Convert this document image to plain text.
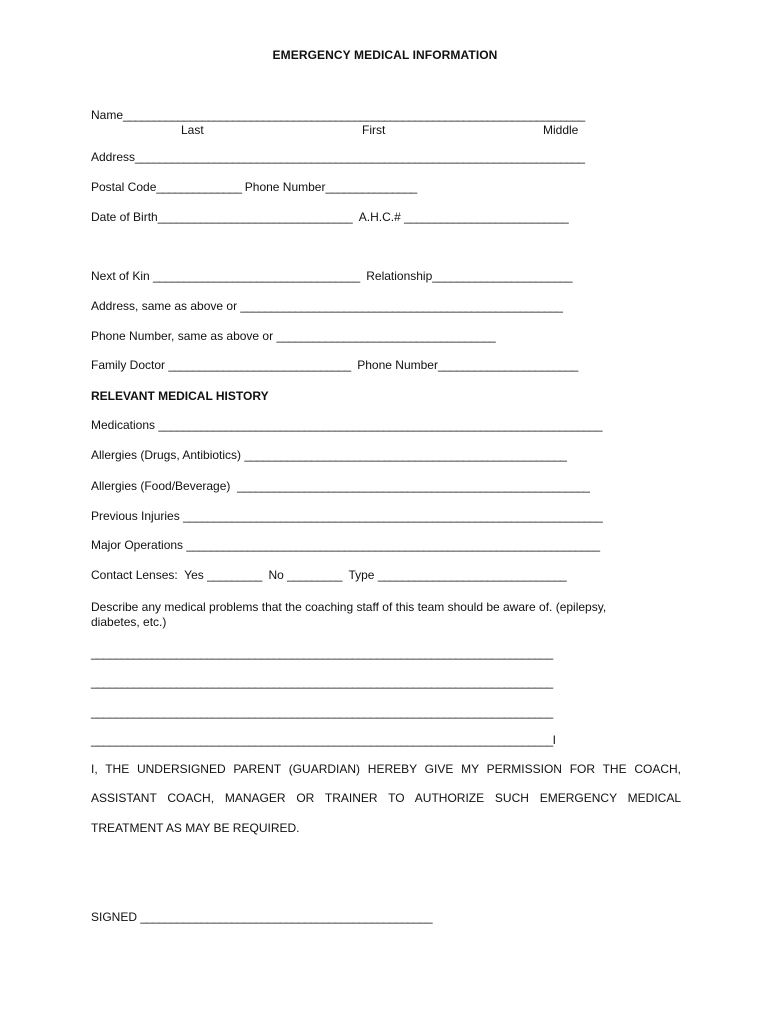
EMERGENCY MEDICAL INFORMATION
Name____________________________________________________________________________
Last	First	Middle
Address__________________________________________________________________________
Postal Code______________ Phone Number_______________
Date of Birth________________________________ A.H.C.# ___________________________
Next of Kin __________________________________ Relationship_______________________
Address, same as above or _____________________________________________________
Phone Number, same as above or ____________________________________
Family Doctor ______________________________ Phone Number_______________________
RELEVANT MEDICAL HISTORY
Medications _________________________________________________________________________
Allergies (Drugs, Antibiotics) _____________________________________________________
Allergies (Food/Beverage) __________________________________________________________
Previous Injuries _____________________________________________________________________
Major Operations ____________________________________________________________________
Contact Lenses: Yes _________ No _________ Type _______________________________
Describe any medical problems that the coaching staff of this team should be aware of. (epilepsy, diabetes, etc.)
____________________________________________________________________________
____________________________________________________________________________
____________________________________________________________________________
____________________________________________________________________________I
I, THE UNDERSIGNED PARENT (GUARDIAN) HEREBY GIVE MY PERMISSION FOR THE COACH,
ASSISTANT COACH, MANAGER OR TRAINER TO AUTHORIZE SUCH EMERGENCY MEDICAL
TREATMENT AS MAY BE REQUIRED.
SIGNED ________________________________________________
